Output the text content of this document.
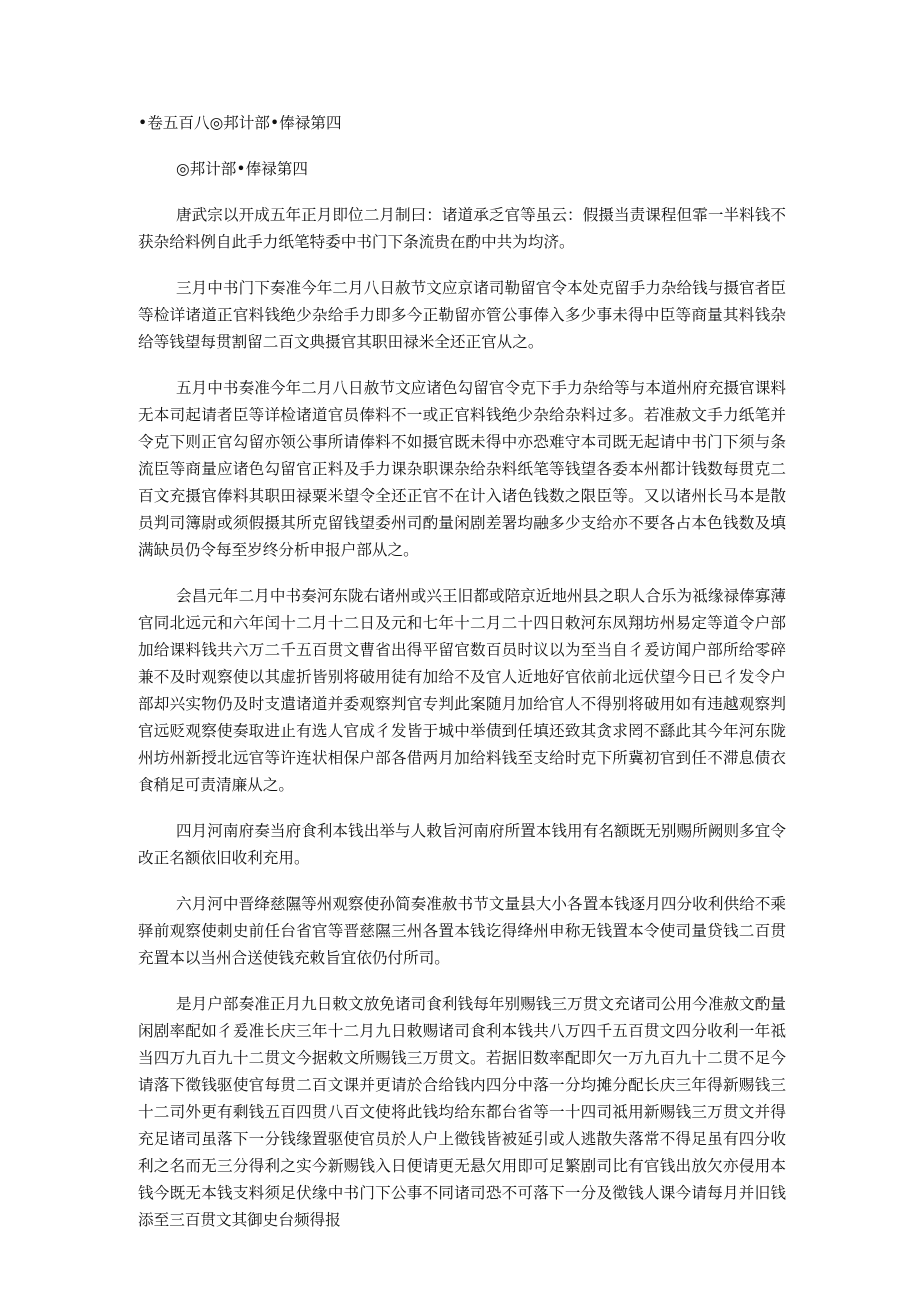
•卷五百八◎邦计部•俸禄第四

◎邦计部•俸禄第四

唐武宗以开成五年正月即位二月制曰：诸道承乏官等虽云：假摄当责课程但霏一半料钱不获杂给料例自此手力纸笔特委中书门下条流贵在酌中共为均济。

三月中书门下奏准今年二月八日赦节文应京诸司勒留官令本处克留手力杂给钱与摄官者臣等检详诸道正官料钱绝少杂给手力即多今正勒留亦管公事俸入多少事未得中臣等商量其料钱杂给等钱望每贯割留二百文典摄官其职田禄米全还正官从之。

五月中书奏准今年二月八日赦节文应诸色勾留官令克下手力杂给等与本道州府充摄官课料无本司起请者臣等详检诸道官员俸料不一或正官料钱绝少杂给杂料过多。若准赦文手力纸笔并令克下则正官勾留亦领公事所请俸料不如摄官既未得中亦恐难守本司既无起请中书门下须与条流臣等商量应诸色勾留官正料及手力课杂职课杂给杂料纸笔等钱望各委本州都计钱数每贯克二百文充摄官俸料其职田禄粟米望令全还正官不在计入诸色钱数之限臣等。又以诸州长马本是散员判司簿尉或须假摄其所克留钱望委州司酌量闲剧差署均融多少支给亦不要各占本色钱数及填满缺员仍令每至岁终分析申报户部从之。

会昌元年二月中书奏河东陇右诸州或兴王旧都或陪京近地州县之职人合乐为祗缘禄俸寡薄官同北远元和六年闰十二月十二日及元和七年十二月二十四日敕河东凤翔坊州易定等道令户部加给课料钱共六万二千五百贯文曹省出得平留官数百员时议以为至当自彳爰访闻户部所给零碎兼不及时观察使以其虚折皆别将破用徒有加给不及官人近地好官依前北远伏望今日已彳发令户部却兴实物仍及时支遣诸道并委观察判官专判此案随月加给官人不得别将破用如有违越观察判官远贬观察使奏取进止有选人官成彳发皆于城中举债到任填还致其贪求罔不繇此其今年河东陇州坊州新授北远官等许连状相保户部各借两月加给料钱至支给时克下所冀初官到任不滞息债衣食稍足可责清廉从之。

四月河南府奏当府食利本钱出举与人敕旨河南府所置本钱用有名额既无别赐所阙则多宜令改正名额依旧收利充用。

六月河中晋绛慈隰等州观察使孙简奏准赦书节文量县大小各置本钱逐月四分收利供给不乘驿前观察使刺史前任台省官等晋慈隰三州各置本钱讫得绛州申称无钱置本令使司量贷钱二百贯充置本以当州合送使钱充敕旨宜依仍付所司。

是月户部奏准正月九日敕文放免诸司食利钱每年别赐钱三万贯文充诸司公用今准赦文酌量闲剧率配如彳爰准长庆三年十二月九日敕赐诸司食利本钱共八万四千五百贯文四分收利一年祗当四万九百九十二贯文今据敕文所赐钱三万贯文。若据旧数率配即欠一万九百九十二贯不足今请落下徵钱驱使官每贯二百文课并更请於合给钱内四分中落一分均摊分配长庆三年得新赐钱三十二司外更有剩钱五百四贯八百文使将此钱均给东都台省等一十四司祗用新赐钱三万贯文并得充足诸司虽落下一分钱缘置驱使官员於人户上徵钱皆被延引或人逃散失落常不得足虽有四分收利之名而无三分得利之实今新赐钱入日便请更无悬欠用即可足繁剧司比有官钱出放欠亦侵用本钱今既无本钱支料须足伏缘中书门下公事不同诸司恐不可落下一分及徵钱人课今请每月并旧钱添至三百贯文其御史台频得报
